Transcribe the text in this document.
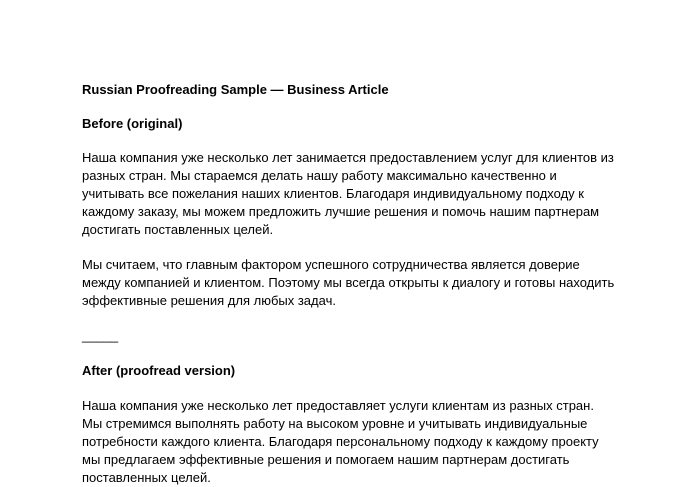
Russian Proofreading Sample — Business Article

Before (original)

Наша компания уже несколько лет занимается предоставлением услуг для клиентов из
разных стран. Мы стараемся делать нашу работу максимально качественно и
учитывать все пожелания наших клиентов. Благодаря индивидуальному подходу к
каждому заказу, мы можем предложить лучшие решения и помочь нашим партнерам
достигать поставленных целей.

Мы считаем, что главным фактором успешного сотрудничества является доверие
между компанией и клиентом. Поэтому мы всегда открыты к диалогу и готовы находить
эффективные решения для любых задач.

_____

After (proofread version)

Наша компания уже несколько лет предоставляет услуги клиентам из разных стран.
Мы стремимся выполнять работу на высоком уровне и учитывать индивидуальные
потребности каждого клиента. Благодаря персональному подходу к каждому проекту
мы предлагаем эффективные решения и помогаем нашим партнерам достигать
поставленных целей.
